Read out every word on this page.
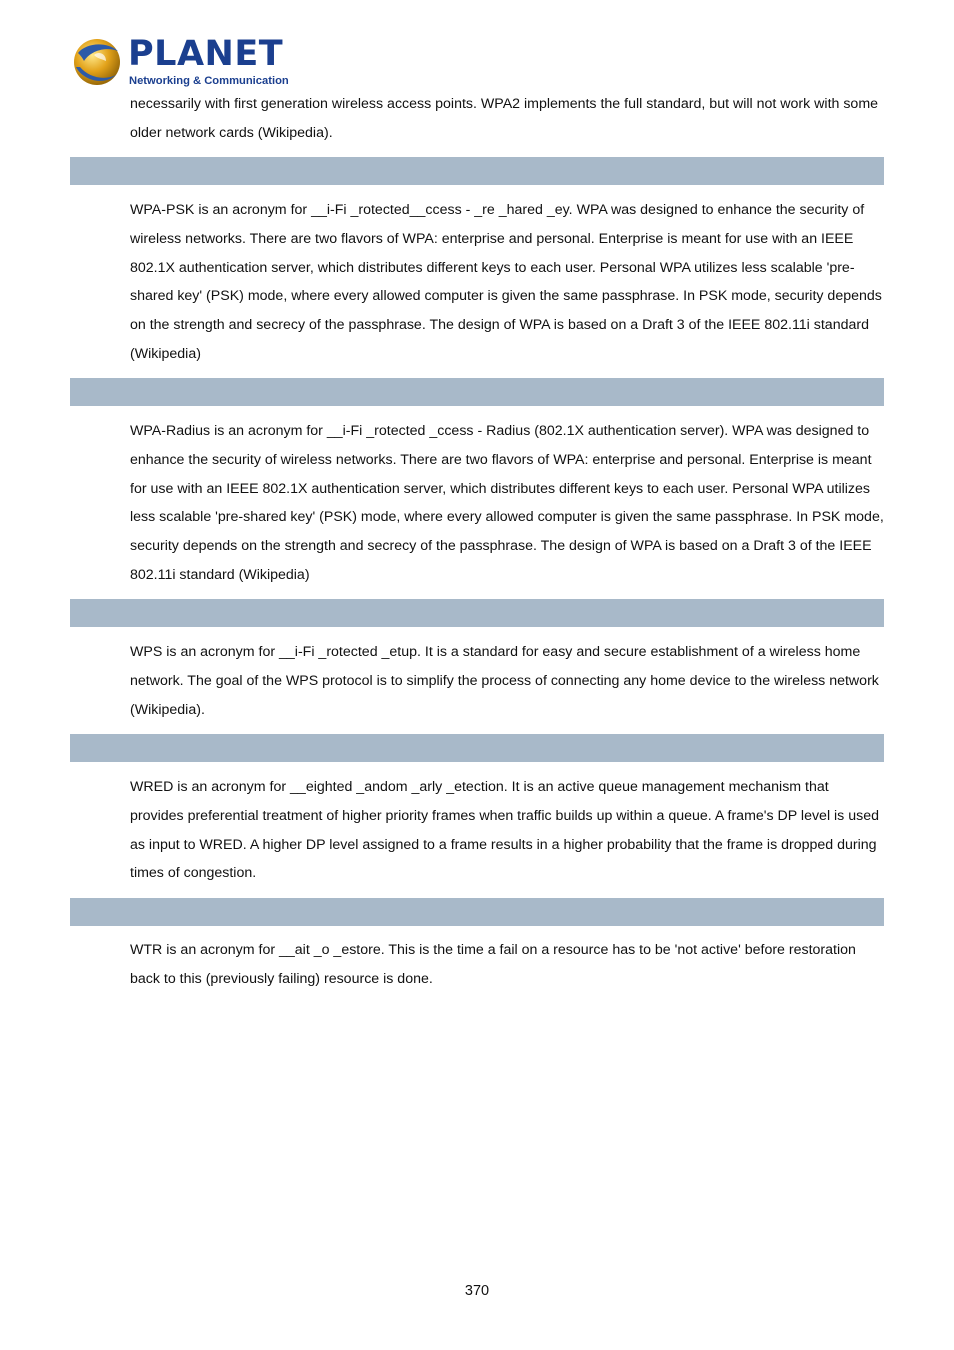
PLANET
Networking & Communication

necessarily with first generation wireless access points. WPA2 implements the full standard, but will not work with some older network cards (Wikipedia).

WPA-PSK is an acronym for __i-Fi _rotected__ccess - _re _hared _ey. WPA was designed to enhance the security of wireless networks. There are two flavors of WPA: enterprise and personal. Enterprise is meant for use with an IEEE 802.1X authentication server, which distributes different keys to each user. Personal WPA utilizes less scalable 'pre-shared key' (PSK) mode, where every allowed computer is given the same passphrase. In PSK mode, security depends on the strength and secrecy of the passphrase. The design of WPA is based on a Draft 3 of the IEEE 802.11i standard (Wikipedia)

WPA-Radius is an acronym for __i-Fi _rotected _ccess - Radius (802.1X authentication server). WPA was designed to enhance the security of wireless networks. There are two flavors of WPA: enterprise and personal. Enterprise is meant for use with an IEEE 802.1X authentication server, which distributes different keys to each user. Personal WPA utilizes less scalable 'pre-shared key' (PSK) mode, where every allowed computer is given the same passphrase. In PSK mode, security depends on the strength and secrecy of the passphrase. The design of WPA is based on a Draft 3 of the IEEE 802.11i standard (Wikipedia)

WPS is an acronym for __i-Fi _rotected _etup. It is a standard for easy and secure establishment of a wireless home network. The goal of the WPS protocol is to simplify the process of connecting any home device to the wireless network (Wikipedia).

WRED is an acronym for __eighted _andom _arly _etection. It is an active queue management mechanism that provides preferential treatment of higher priority frames when traffic builds up within a queue. A frame's DP level is used as input to WRED. A higher DP level assigned to a frame results in a higher probability that the frame is dropped during times of congestion.

WTR is an acronym for __ait _o _estore. This is the time a fail on a resource has to be 'not active' before restoration back to this (previously failing) resource is done.

370
